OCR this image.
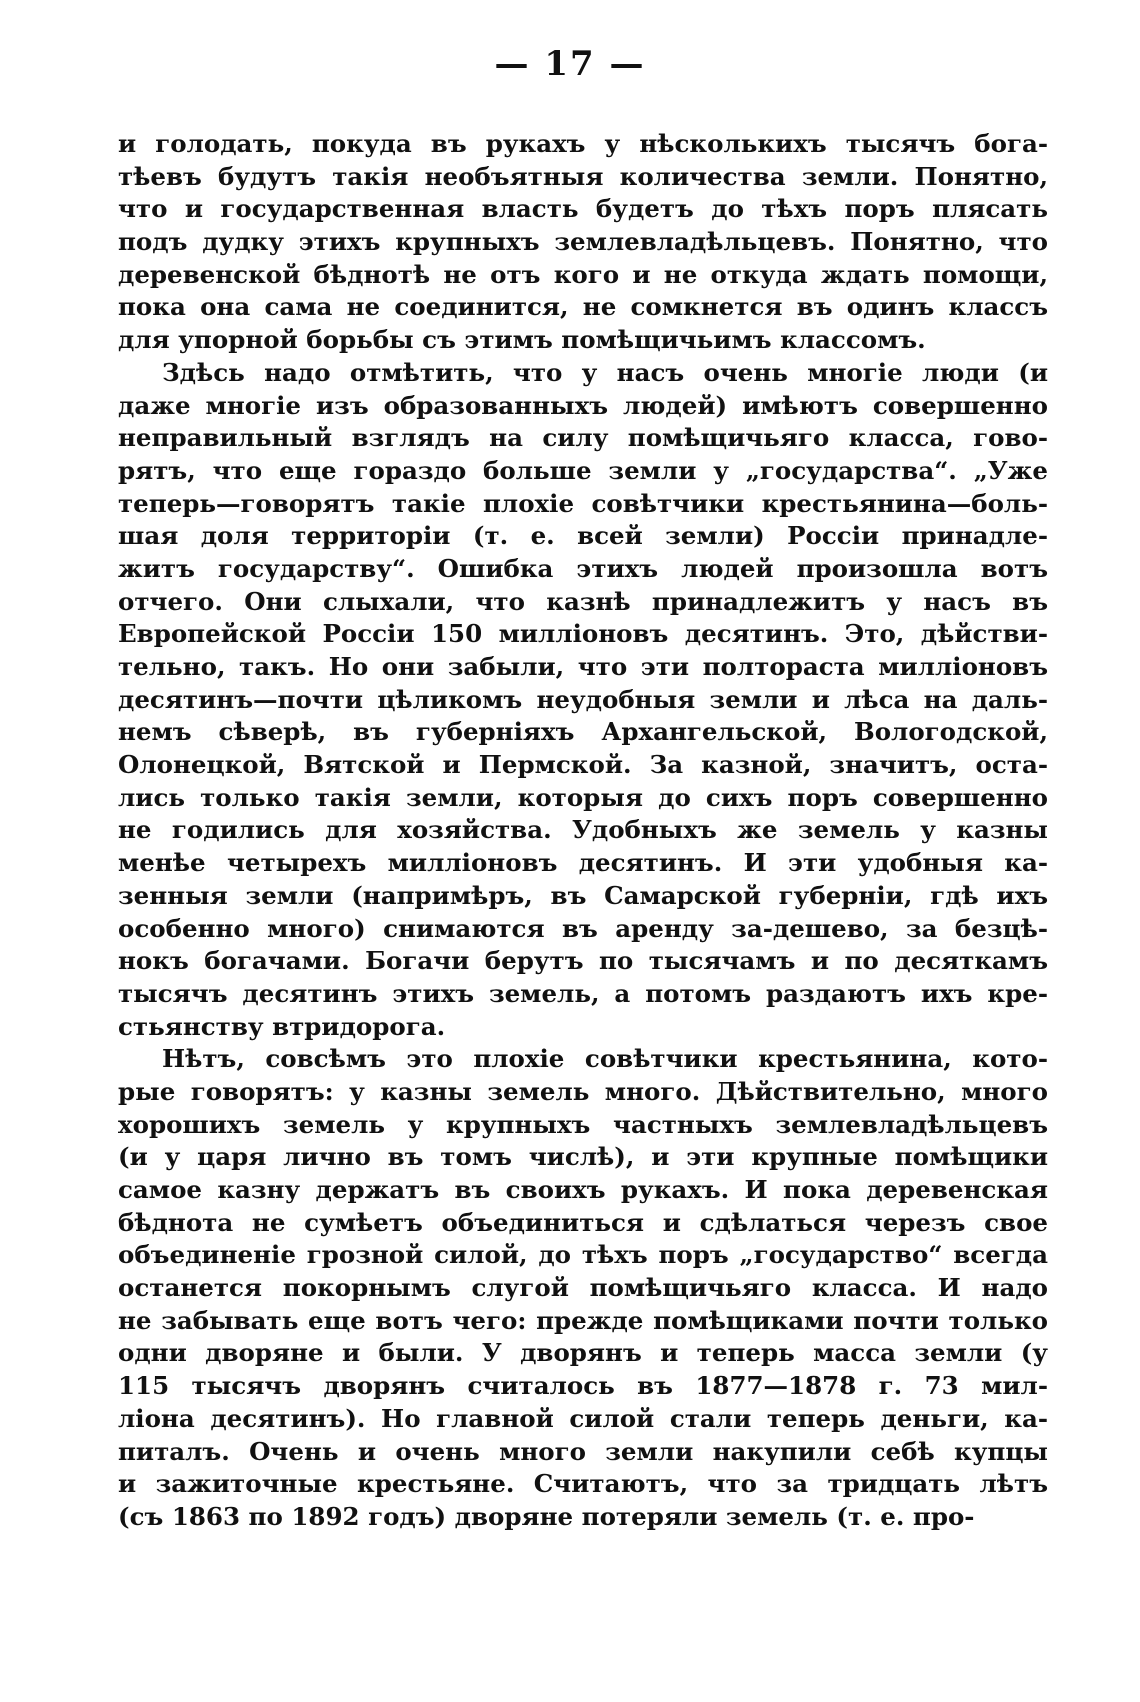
— 17 —
и голодать, покуда въ рукахъ у нѣсколькихъ тысячъ бога-
тѣевъ будутъ такія необъятныя количества земли. Понятно,
что и государственная власть будетъ до тѣхъ поръ плясать
подъ дудку этихъ крупныхъ землевладѣльцевъ. Понятно, что
деревенской бѣднотѣ не отъ кого и не откуда ждать помощи,
пока она сама не соединится, не сомкнется въ одинъ классъ
для упорной борьбы съ этимъ помѣщичьимъ классомъ.
Здѣсь надо отмѣтить, что у насъ очень многіе люди (и
даже многіе изъ образованныхъ людей) имѣютъ совершенно
неправильный взглядъ на силу помѣщичьяго класса, гово-
рятъ, что еще гораздо больше земли у „государства“. „Уже
теперь—говорятъ такіе плохіе совѣтчики крестьянина—боль-
шая доля территоріи (т. е. всей земли) Россіи принадле-
житъ государству“. Ошибка этихъ людей произошла вотъ
отчего. Они слыхали, что казнѣ принадлежитъ у насъ въ
Европейской Россіи 150 милліоновъ десятинъ. Это, дѣйстви-
тельно, такъ. Но они забыли, что эти полтораста милліоновъ
десятинъ—почти цѣликомъ неудобныя земли и лѣса на даль-
немъ сѣверѣ, въ губерніяхъ Архангельской, Вологодской,
Олонецкой, Вятской и Пермской. За казной, значитъ, оста-
лись только такія земли, которыя до сихъ поръ совершенно
не годились для хозяйства. Удобныхъ же земель у казны
менѣе четырехъ милліоновъ десятинъ. И эти удобныя ка-
зенныя земли (напримѣръ, въ Самарской губерніи, гдѣ ихъ
особенно много) снимаются въ аренду за-дешево, за безцѣ-
нокъ богачами. Богачи берутъ по тысячамъ и по десяткамъ
тысячъ десятинъ этихъ земель, а потомъ раздаютъ ихъ кре-
стьянству втридорога.
Нѣтъ, совсѣмъ это плохіе совѣтчики крестьянина, кото-
рые говорятъ: у казны земель много. Дѣйствительно, много
хорошихъ земель у крупныхъ частныхъ землевладѣльцевъ
(и у царя лично въ томъ числѣ), и эти крупные помѣщики
самое казну держатъ въ своихъ рукахъ. И пока деревенская
бѣднота не сумѣетъ объединиться и сдѣлаться черезъ свое
объединеніе грозной силой, до тѣхъ поръ „государство“ всегда
останется покорнымъ слугой помѣщичьяго класса. И надо
не забывать еще вотъ чего: прежде помѣщиками почти только
одни дворяне и были. У дворянъ и теперь масса земли (у
115 тысячъ дворянъ считалось въ 1877—1878 г. 73 мил-
ліона десятинъ). Но главной силой стали теперь деньги, ка-
питалъ. Очень и очень много земли накупили себѣ купцы
и зажиточные крестьяне. Считаютъ, что за тридцать лѣтъ
(съ 1863 по 1892 годъ) дворяне потеряли земель (т. е. про-
